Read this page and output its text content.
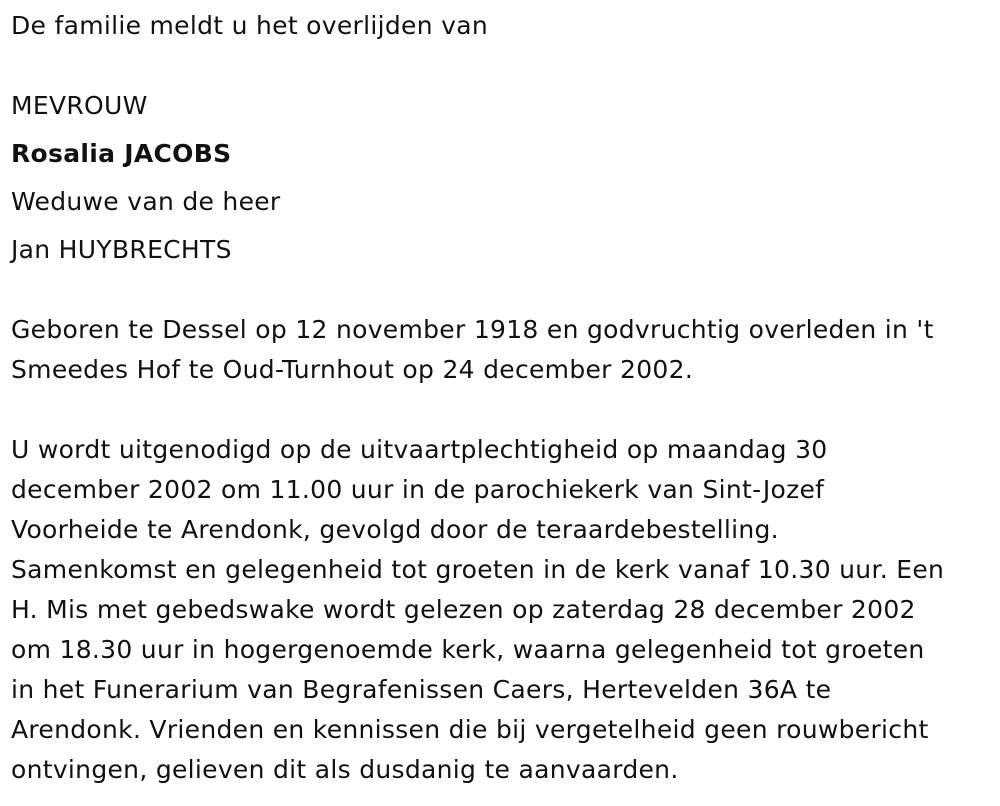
De familie meldt u het overlijden van
MEVROUW
Rosalia JACOBS
Weduwe van de heer
Jan HUYBRECHTS
Geboren te Dessel op 12 november 1918 en godvruchtig overleden in 't
Smeedes Hof te Oud-Turnhout op 24 december 2002.
U wordt uitgenodigd op de uitvaartplechtigheid op maandag 30
december 2002 om 11.00 uur in de parochiekerk van Sint-Jozef
Voorheide te Arendonk, gevolgd door de teraardebestelling.
Samenkomst en gelegenheid tot groeten in de kerk vanaf 10.30 uur. Een
H. Mis met gebedswake wordt gelezen op zaterdag 28 december 2002
om 18.30 uur in hogergenoemde kerk, waarna gelegenheid tot groeten
in het Funerarium van Begrafenissen Caers, Hertevelden 36A te
Arendonk. Vrienden en kennissen die bij vergetelheid geen rouwbericht
ontvingen, gelieven dit als dusdanig te aanvaarden.
